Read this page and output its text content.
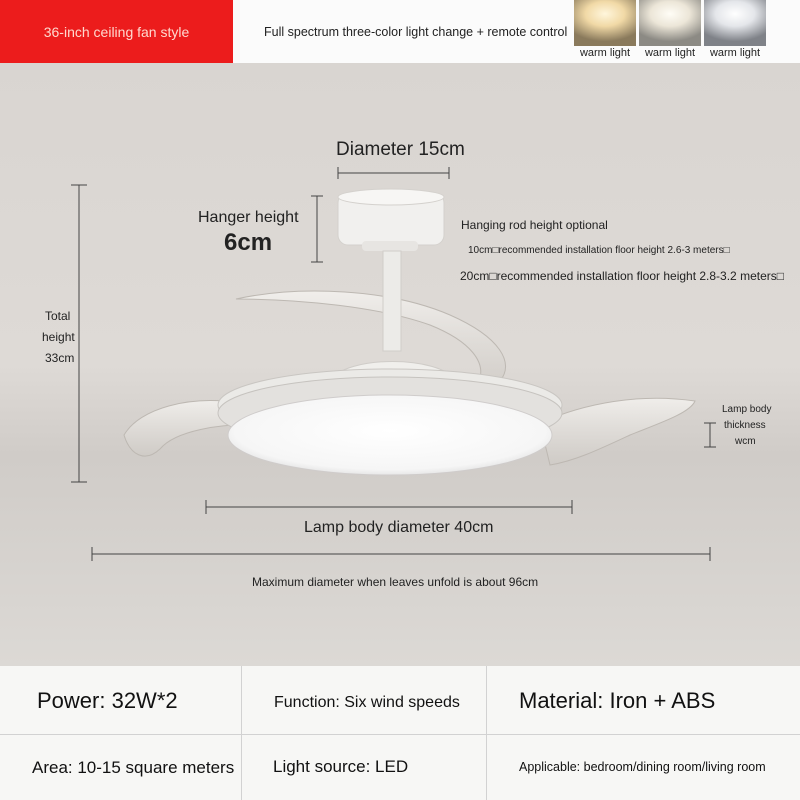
36-inch ceiling fan style	Full spectrum three-color light change + remote control
warm light	warm light	warm light
Diameter 15cm
Hanger height
6cm
Hanging rod height optional
10cm□recommended installation floor height 2.6-3 meters□
20cm□recommended installation floor height 2.8-3.2 meters□
Total
height
33cm
Lamp body
thickness
wcm
Lamp body diameter 40cm
Maximum diameter when leaves unfold is about 96cm
Power: 32W*2	Function: Six wind speeds	Material: Iron + ABS
Area: 10-15 square meters Light source: LED	Applicable: bedroom/dining room/living room
